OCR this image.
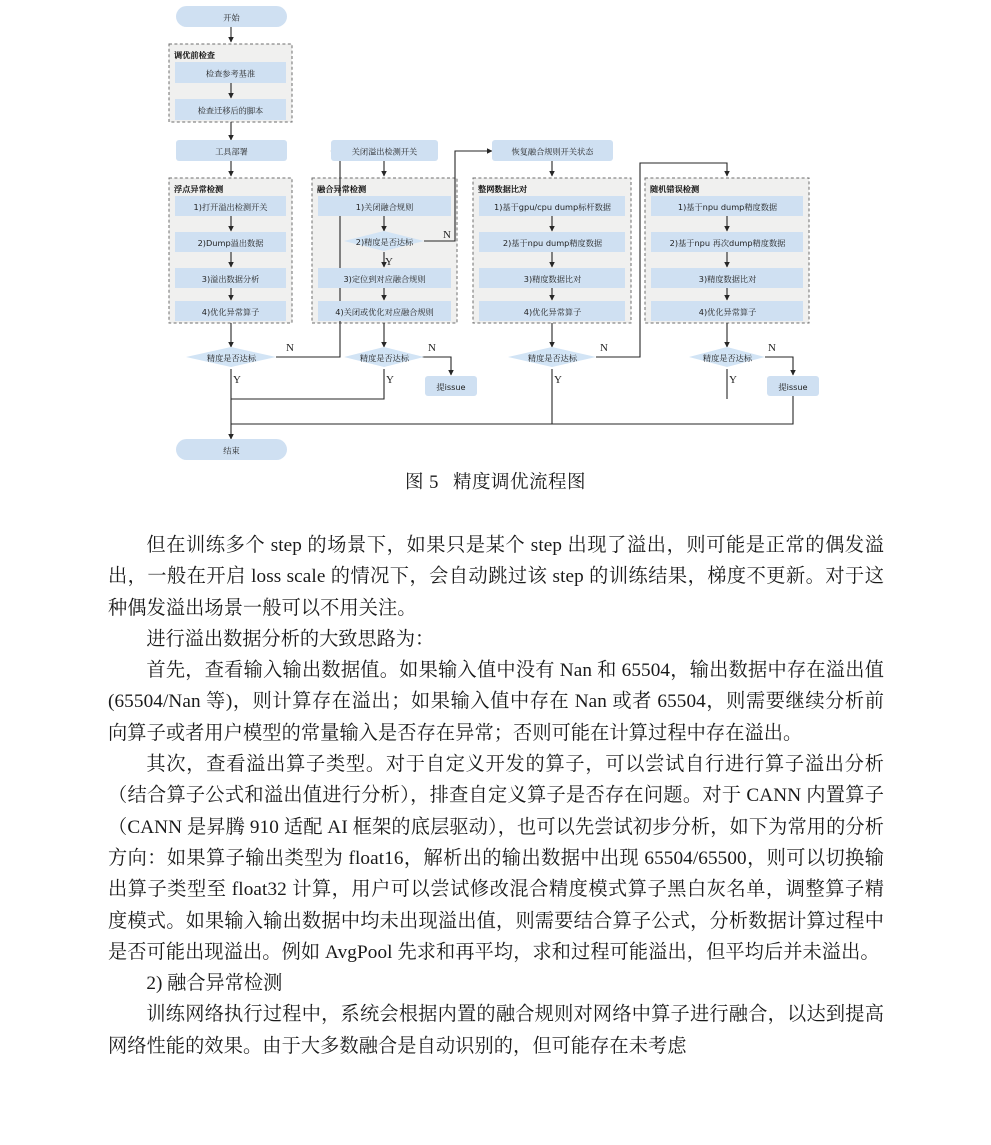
开始
调优前检查
检查参考基准
检查迁移后的脚本
工具部署	关闭溢出检测开关	恢复融合规则开关状态
浮点异常检测
1)打开溢出检测开关
2)Dump溢出数据
3)溢出数据分析
4)优化异常算子
融合异常检测
1)关闭融合规则
2)精度是否达标
3)定位到对应融合规则
4)关闭或优化对应融合规则
整网数据比对
1)基于gpu/cpu dump标杆数据
2)基于npu dump精度数据
3)精度数据比对
4)优化异常算子
随机错误检测
1)基于npu dump精度数据
2)基于npu 再次dump精度数据
3)精度数据比对
4)优化异常算子
精度是否达标	精度是否达标	精度是否达标	精度是否达标
提issue	提issue
结束
N
Y
N
Y
N
Y
N
Y
N
Y
图 5 精度调优流程图

但在训练多个 step 的场景下，如果只是某个 step 出现了溢出，则可能是正常的偶发溢出，一般在开启 loss scale 的情况下，会自动跳过该 step 的训练结果，梯度不更新。对于这种偶发溢出场景一般可以不用关注。

进行溢出数据分析的大致思路为：

首先，查看输入输出数据值。如果输入值中没有 Nan 和 65504，输出数据中存在溢出值(65504/Nan 等)，则计算存在溢出；如果输入值中存在 Nan 或者 65504，则需要继续分析前向算子或者用户模型的常量输入是否存在异常；否则可能在计算过程中存在溢出。

其次，查看溢出算子类型。对于自定义开发的算子，可以尝试自行进行算子溢出分析（结合算子公式和溢出值进行分析），排查自定义算子是否存在问题。对于 CANN 内置算子（CANN 是昇腾 910 适配 AI 框架的底层驱动），也可以先尝试初步分析，如下为常用的分析方向：如果算子输出类型为 float16，解析出的输出数据中出现 65504/65500，则可以切换输出算子类型至 float32 计算，用户可以尝试修改混合精度模式算子黑白灰名单，调整算子精度模式。如果输入输出数据中均未出现溢出值，则需要结合算子公式，分析数据计算过程中是否可能出现溢出。例如 AvgPool 先求和再平均，求和过程可能溢出，但平均后并未溢出。

2) 融合异常检测

训练网络执行过程中，系统会根据内置的融合规则对网络中算子进行融合，以达到提高网络性能的效果。由于大多数融合是自动识别的，但可能存在未考虑
